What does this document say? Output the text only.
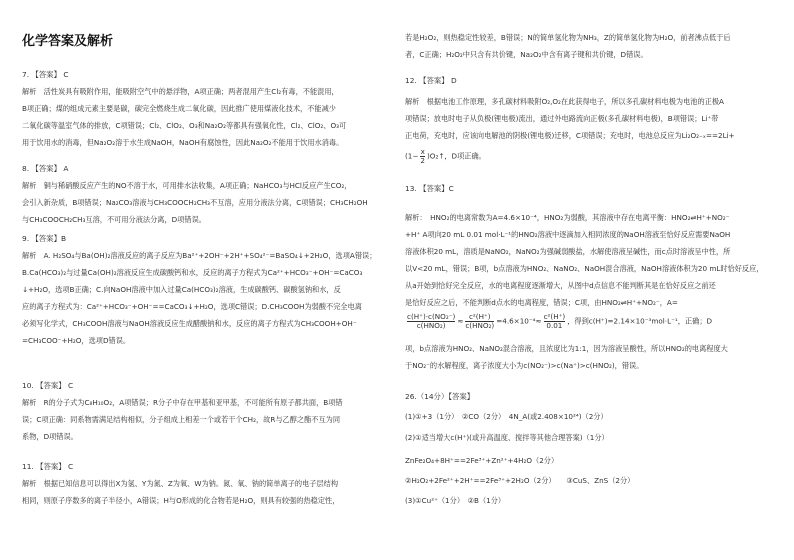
化学答案及解析
7. 【答案】 C
解析　活性炭具有吸附作用，能吸附空气中的悬浮物，A项正确；两者混用产生Cl₂有毒，不能混用，
B项正确；煤的组成元素主要是碳，碳完全燃烧生成二氧化碳，因此推广使用煤液化技术，不能减少
二氧化碳等温室气体的排放，C项错误；Cl₂、ClO₂、O₃和Na₂O₂等都具有强氧化性，Cl₂、ClO₂、O₃可
用于饮用水的消毒，但Na₂O₂溶于水生成NaOH，NaOH有腐蚀性，因此Na₂O₂不能用于饮用水消毒。
8. 【答案】 A
解析　铜与稀硝酸反应产生的NO不溶于水，可用排水法收集，A项正确；NaHCO₃与HCl反应产生CO₂，
会引入新杂质，B项错误；Na₂CO₃溶液与CH₃COOCH₂CH₃不互溶，应用分液法分离，C项错误；CH₃CH₂OH
与CH₃COOCH₂CH₃互溶，不可用分液法分离，D项错误。
9. 【答案】B
解析　A. H₂SO₄与Ba(OH)₂溶液反应的离子反应为Ba²⁺+2OH⁻+2H⁺+SO₄²⁻=BaSO₄↓+2H₂O，选项A错误；
B.Ca(HCO₃)₂与过量Ca(OH)₂溶液反应生成碳酸钙和水，反应的离子方程式为Ca²⁺+HCO₃⁻+OH⁻=CaCO₃
↓+H₂O，选项B正确；C.向NaOH溶液中加入过量Ca(HCO₃)₂溶液，生成碳酸钙、碳酸氢钠和水，反
应的离子方程式为：Ca²⁺+HCO₃⁻+OH⁻==CaCO₃↓+H₂O，选项C错误；D.CH₃COOH为弱酸不完全电离
必须写化学式，CH₃COOH溶液与NaOH溶液反应生成醋酸钠和水，反应的离子方程式为CH₃COOH+OH⁻
=CH₃COO⁻+H₂O，选项D错误。
10. 【答案】 C
解析　R的分子式为C₈H₁₀O₂，A项错误；R分子中存在甲基和亚甲基，不可能所有原子都共面，B项错
误；C项正确：同系物需满足结构相似，分子组成上相差一个或若干个CH₂，故R与乙醇之酯不互为同
系物，D项错误。
11. 【答案】 C
解析　根据已知信息可以得出X为氢、Y为氮、Z为氧、W为钠。氮、氧、钠的简单离子的电子层结构
相同，则原子序数多的离子半径小，A错误；H与O形成的化合物若是H₂O，则具有较强的热稳定性，
若是H₂O₂，则热稳定性较差，B错误；N的简单氢化物为NH₃，Z的简单氢化物为H₂O，前者沸点低于后
者，C正确；H₂O₂中只含有共价键，Na₂O₂中含有离子键和共价键，D错误。
12. 【答案】 D
解析　根据电池工作原理，多孔碳材料吸附O₂,O₂在此获得电子，所以多孔碳材料电极为电池的正极A
项错误；放电时电子从负极(锂电极)流出，通过外电路流向正极(多孔碳材料电极)，B项错误；Li⁺带
正电荷，充电时，应该向电解池的阴极(锂电极)迁移，C项错误；充电时，电池总反应为Li₂O₂₋ₓ==2Li+
($1- \frac{x}{2}$ )O₂↑，D项正确。
13. 【答案】C
解析：　HNO₂的电离常数为A=4.6×10⁻⁴，HNO₂为弱酸，其溶液中存在电离平衡：HNO₂⇌H⁺+NO₂⁻
+H⁺ A项向20 mL 0.01 mol·L⁻¹的HNO₂溶液中逐滴加入相同浓度的NaOH溶液至恰好反应需要NaOH
溶液体积20 mL，溶质是NaNO₂，NaNO₂为强碱弱酸盐，水解使溶液呈碱性，而c点时溶液呈中性，所
以V<20 mL，错误；B项，b点溶液为HNO₂、NaNO₂、NaOH混合溶液，NaOH溶液体积为20 mL时恰好反应，
从a开始到恰好完全反应，水的电离程度逐渐增大，从图中d点信息不能判断其是在恰好反应之前还
是恰好反应之后，不能判断d点水的电离程度，错误；C项，由HNO₂⇌H⁺+NO₂⁻，A=
$\frac{\text{c(H⁺)·c(NO₂⁻)}}{\text{c(HNO₂)}} \approx \frac{\text{c²(H⁺)}}{\text{c(HNO₂)}} =4.6\times 10^{-4}\approx \frac{\text{c²(H⁺)}}{0.01}$ ，得到c(H⁺)=2.14×10⁻³mol·L⁻¹，正确；D
项，b点溶液为HNO₂、NaNO₂混合溶液，且浓度比为1:1，因为溶液呈酸性，所以HNO₂的电离程度大
于NO₂⁻的水解程度，离子浓度大小为c(NO₂⁻)>c(Na⁺)>c(HNO₂)，错误。
26.（14分）【答案】
(1)①+3（1分）　②CO（2分）　4N_A(或2.408×10²⁴)（2分）
(2)①适当增大c(H⁺)(或升高温度、搅拌等其他合理答案)（1分）
ZnFe₂O₄+8H⁺==2Fe³⁺+Zn²⁺+4H₂O（2分）
②H₂O₂+2Fe²⁺+2H⁺==2Fe³⁺+2H₂O（2分）　　③CuS、ZnS（2分）
(3)①Cu²⁺（1分）　②B（1分）
